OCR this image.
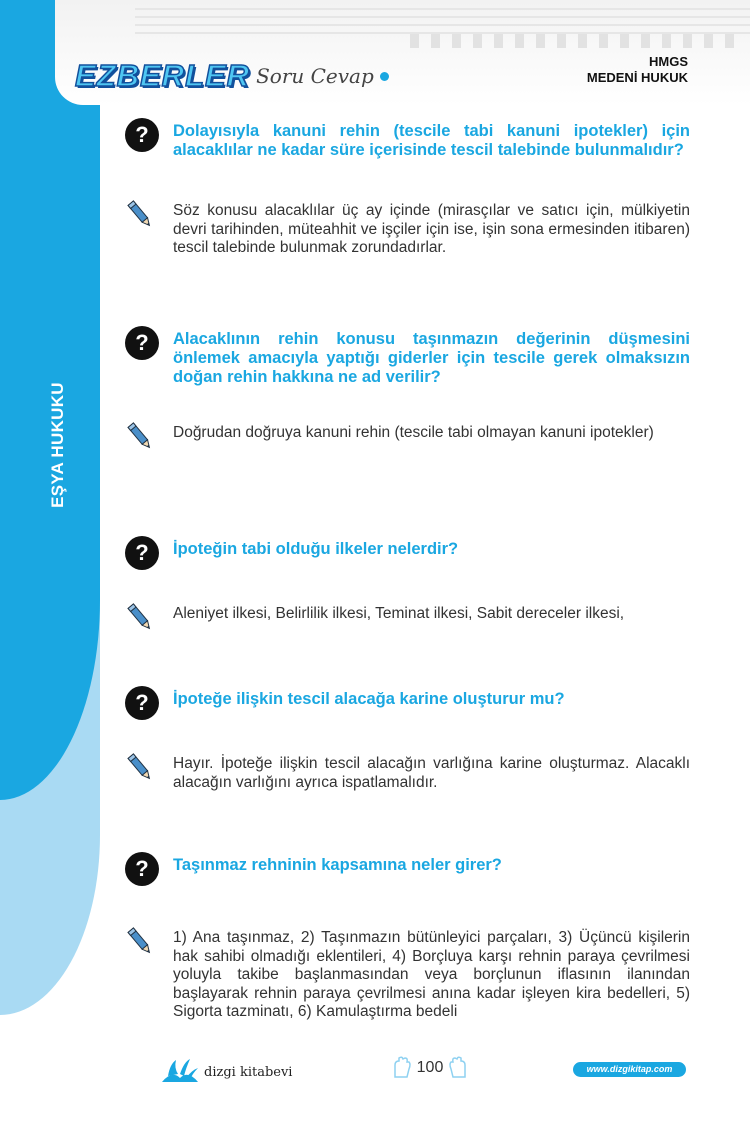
EŞYA HUKUKU
EZBERLER Soru Cevap
HMGS
MEDENİ HUKUK
?	Dolayısıyla kanuni rehin (tescile tabi kanuni ipotekler) için alacaklılar ne kadar süre içerisinde tescil talebinde bulunmalıdır?
Söz konusu alacaklılar üç ay içinde (mirasçılar ve satıcı için, mülkiyetin devri tarihinden, müteahhit ve işçiler için ise, işin sona ermesinden itibaren) tescil talebinde bulunmak zorundadırlar.
?	Alacaklının rehin konusu taşınmazın değerinin düşmesini önlemek amacıyla yaptığı giderler için tescile gerek olmaksızın doğan rehin hakkına ne ad verilir?
Doğrudan doğruya kanuni rehin (tescile tabi olmayan kanuni ipotekler)
?	İpoteğin tabi olduğu ilkeler nelerdir?
Aleniyet ilkesi, Belirlilik ilkesi, Teminat ilkesi, Sabit dereceler ilkesi,
?	İpoteğe ilişkin tescil alacağa karine oluşturur mu?
Hayır. İpoteğe ilişkin tescil alacağın varlığına karine oluşturmaz. Alacaklı alacağın varlığını ayrıca ispatlamalıdır.
?	Taşınmaz rehninin kapsamına neler girer?
1) Ana taşınmaz, 2) Taşınmazın bütünleyici parçaları, 3) Üçüncü kişilerin hak sahibi olmadığı eklentileri, 4) Borçluya karşı rehnin paraya çevrilmesi yoluyla takibe başlanmasından veya borçlunun iflasının ilanından başlayarak rehnin paraya çevrilmesi anına kadar işleyen kira bedelleri, 5) Sigorta tazminatı, 6) Kamulaştırma bedeli
dizgi kitabevi	100	www.dizgikitap.com
